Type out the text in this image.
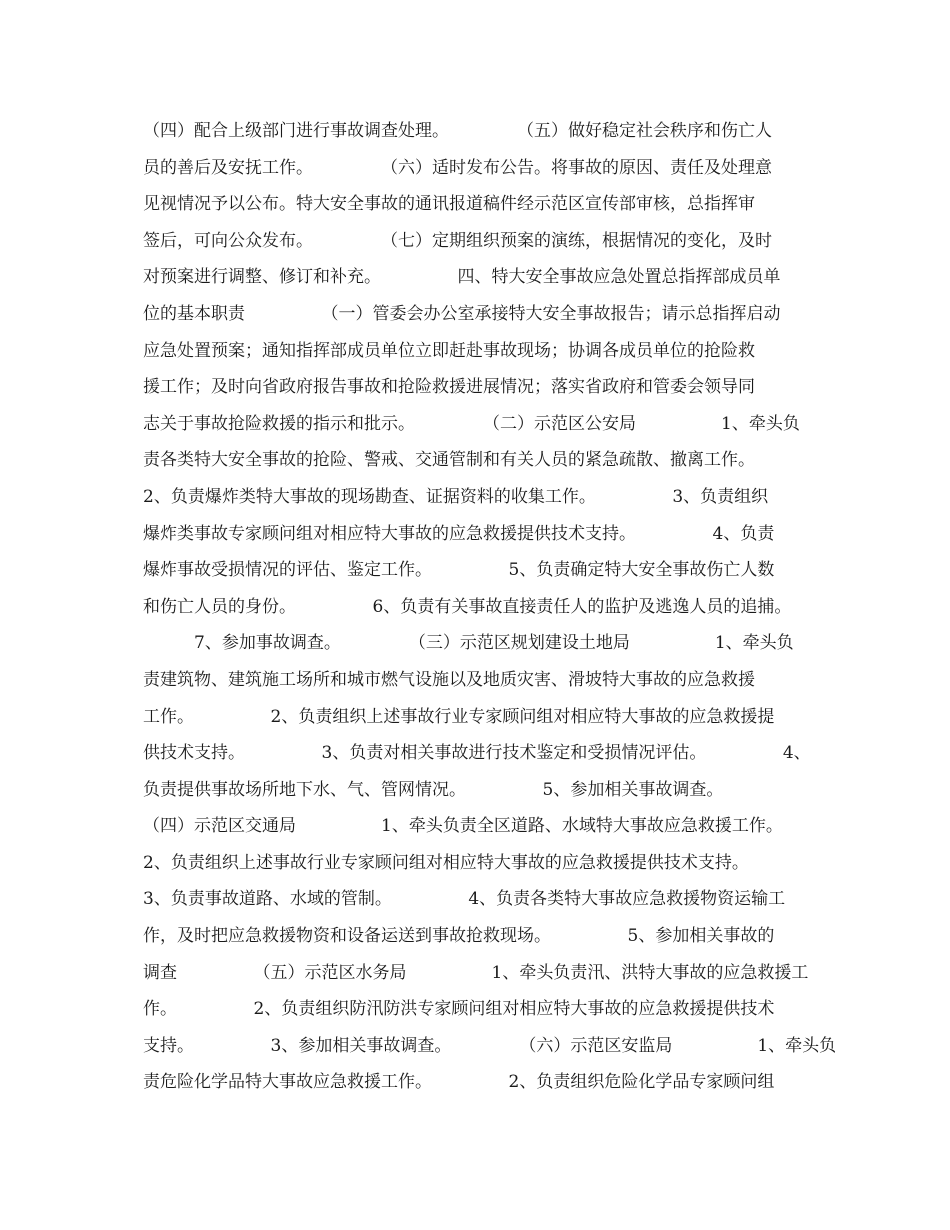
（四）配合上级部门进行事故调查处理。　　　　　（五）做好稳定社会秩序和伤亡人
员的善后及安抚工作。　　　　　（六）适时发布公告。将事故的原因、责任及处理意
见视情况予以公布。特大安全事故的通讯报道稿件经示范区宣传部审核，总指挥审
签后，可向公众发布。　　　　　（七）定期组织预案的演练，根据情况的变化，及时
对预案进行调整、修订和补充。　　　　　四、特大安全事故应急处置总指挥部成员单
位的基本职责　　　　　（一）管委会办公室承接特大安全事故报告；请示总指挥启动
应急处置预案；通知指挥部成员单位立即赶赴事故现场；协调各成员单位的抢险救
援工作；及时向省政府报告事故和抢险救援进展情况；落实省政府和管委会领导同
志关于事故抢险救援的指示和批示。　　　　　（二）示范区公安局　　　　　1、牵头负
责各类特大安全事故的抢险、警戒、交通管制和有关人员的紧急疏散、撤离工作。
2、负责爆炸类特大事故的现场勘查、证据资料的收集工作。　　　　　3、负责组织
爆炸类事故专家顾问组对相应特大事故的应急救援提供技术支持。　　　　　4、负责
爆炸事故受损情况的评估、鉴定工作。　　　　　5、负责确定特大安全事故伤亡人数
和伤亡人员的身份。　　　　　6、负责有关事故直接责任人的监护及逃逸人员的追捕。
　　　7、参加事故调查。　　　　　（三）示范区规划建设土地局　　　　　1、牵头负
责建筑物、建筑施工场所和城市燃气设施以及地质灾害、滑坡特大事故的应急救援
工作。　　　　　2、负责组织上述事故行业专家顾问组对相应特大事故的应急救援提
供技术支持。　　　　　3、负责对相关事故进行技术鉴定和受损情况评估。　　　　　4、
负责提供事故场所地下水、气、管网情况。　　　　　5、参加相关事故调查。
（四）示范区交通局　　　　　1、牵头负责全区道路、水域特大事故应急救援工作。
2、负责组织上述事故行业专家顾问组对相应特大事故的应急救援提供技术支持。
3、负责事故道路、水域的管制。　　　　　4、负责各类特大事故应急救援物资运输工
作，及时把应急救援物资和设备运送到事故抢救现场。　　　　　5、参加相关事故的
调查　　　　　（五）示范区水务局　　　　　1、牵头负责汛、洪特大事故的应急救援工
作。　　　　　2、负责组织防汛防洪专家顾问组对相应特大事故的应急救援提供技术
支持。　　　　　3、参加相关事故调查。　　　　　（六）示范区安监局　　　　　1、牵头负
责危险化学品特大事故应急救援工作。　　　　　2、负责组织危险化学品专家顾问组
